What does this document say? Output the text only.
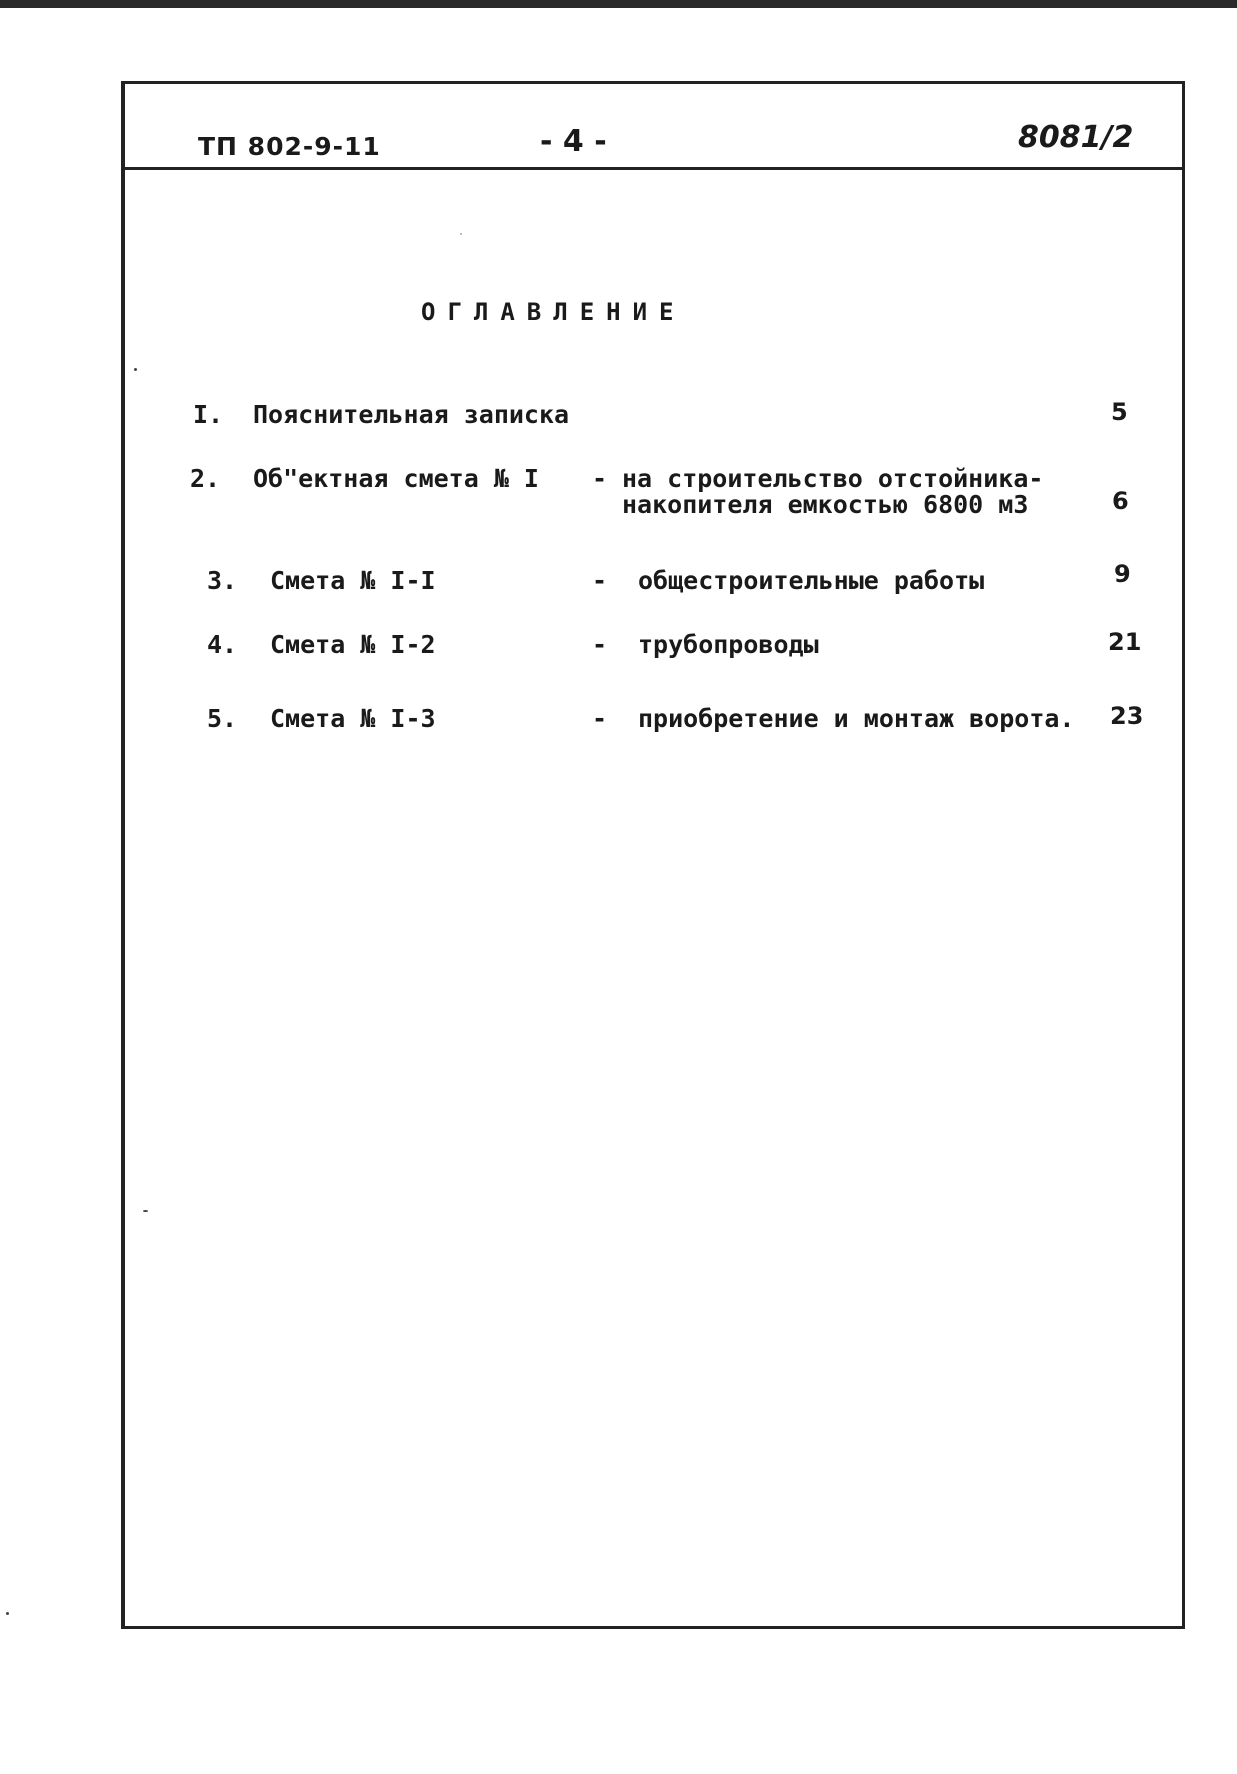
ТП 802-9-11	- 4 -	8081/2
ОГЛАВЛЕНИЕ
I. Пояснительная записка	5
2. Об"ектная смета № I - на строительство отстойника-
накопителя емкостью 6800 м3	6
3. Смета № I-I	- общестроительные работы	9
4. Смета № I-2	- трубопроводы	21
5. Смета № I-3	- приобретение и монтаж ворота. 23
